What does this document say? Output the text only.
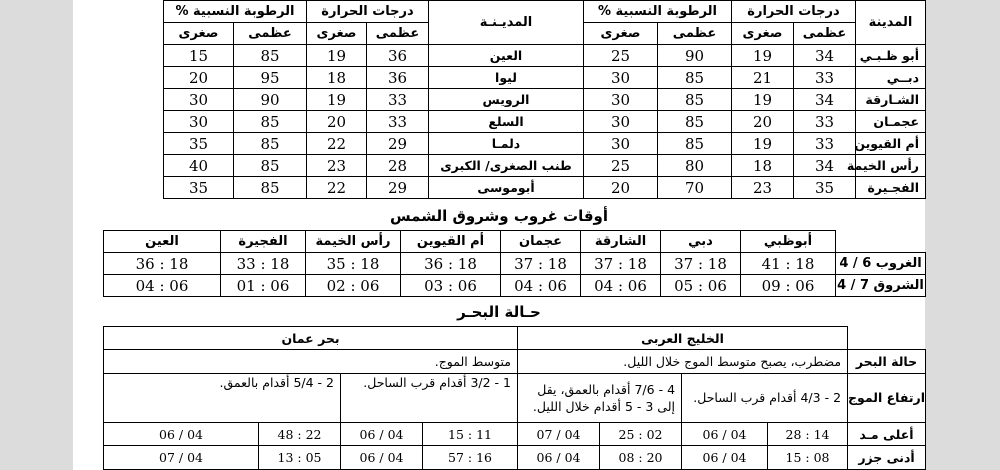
المدينة	درجات الحرارة		الرطوبة النسبية %		المديـنـة	درجات الحرارة		الرطوبة النسبية %		
	عظمى	صغرى	عظمى	صغرى		عظمى	صغرى	عظمى	صغرى	
أبو ظـبـي	34	19	90	25	العين	36	19	85	15	
دبــي	33	21	85	30	ليوا	36	18	95	20	
الشـارقة	34	19	85	30	الرويس	33	19	90	30	
عجمـان	33	20	85	30	السلع	33	20	85	30	
أم القيوين	33	19	85	30	دلمـا	29	22	85	35	
رأس الخيمة	34	18	80	25	طنب الصغرى/ الكبرى	28	23	85	40	
الفجـيرة	35	23	70	20	أبوموسى	29	22	85	35	
أوقات غروب وشروق الشمس
	أبوظبي	دبي	الشارقة	عجمان	أم القيوين	رأس الخيمة	الفجيرة	العين
الغروب 6 / 4	18 : 41	18 : 37	18 : 37	18 : 37	18 : 36	18 : 35	18 : 33	18 : 36
الشروق 7 / 4	06 : 09	06 : 05	06 : 04	06 : 04	06 : 03	06 : 02	06 : 01	06 : 04
حـالة البحـر
	الخليج العربى				بحر عمان			
حالة البحر	مضطرب، يصبح متوسط الموج خلال الليل.				متوسط الموج.			
ارتفاع الموج	2 - 4/3 أقدام قرب الساحل.		4 - 7/6 أقدام بالعمق، يقل إلى 3 - 5 أقدام خلال الليل.		1 - 3/2 أقدام قرب الساحل.		2 - 5/4 أقدام بالعمق.	
أعلى مـد	14 : 28	04 / 06	02 : 25	04 / 07	11 : 15	04 / 06	22 : 48	04 / 06
أدنى جزر	08 : 15	04 / 06	20 : 08	04 / 06	16 : 57	04 / 06	05 : 13	04 / 07
